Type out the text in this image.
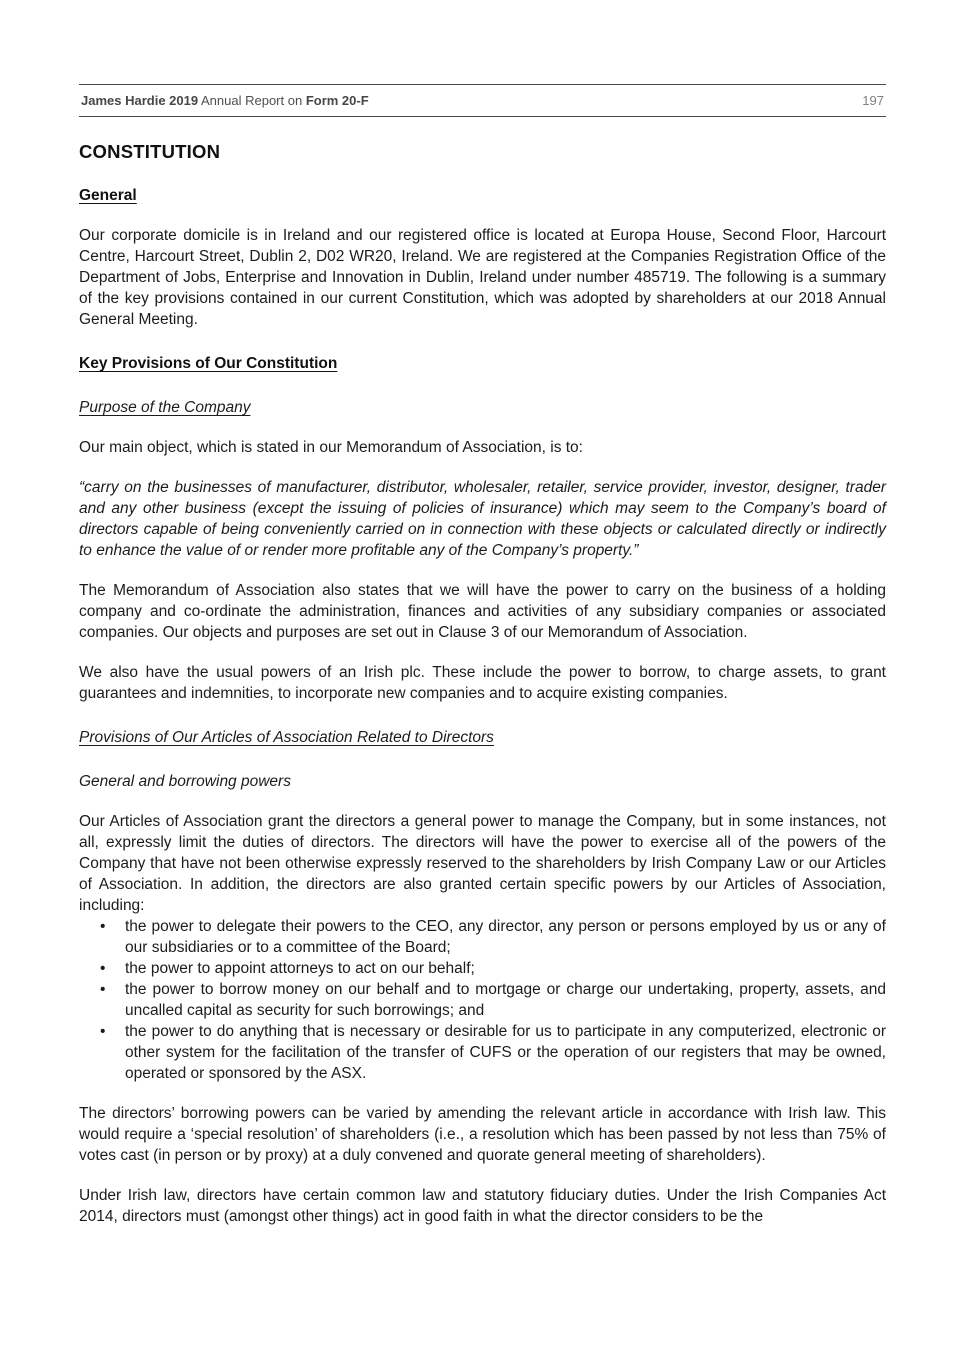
James Hardie 2019 Annual Report on Form 20-F	197
CONSTITUTION
General

Our corporate domicile is in Ireland and our registered office is located at Europa House, Second Floor, Harcourt Centre, Harcourt Street, Dublin 2, D02 WR20, Ireland. We are registered at the Companies Registration Office of the Department of Jobs, Enterprise and Innovation in Dublin, Ireland under number 485719. The following is a summary of the key provisions contained in our current Constitution, which was adopted by shareholders at our 2018 Annual General Meeting.

Key Provisions of Our Constitution
Purpose of the Company

Our main object, which is stated in our Memorandum of Association, is to:

“carry on the businesses of manufacturer, distributor, wholesaler, retailer, service provider, investor, designer, trader and any other business (except the issuing of policies of insurance) which may seem to the Company’s board of directors capable of being conveniently carried on in connection with these objects or calculated directly or indirectly to enhance the value of or render more profitable any of the Company’s property.”

The Memorandum of Association also states that we will have the power to carry on the business of a holding company and co-ordinate the administration, finances and activities of any subsidiary companies or associated companies. Our objects and purposes are set out in Clause 3 of our Memorandum of Association.

We also have the usual powers of an Irish plc. These include the power to borrow, to charge assets, to grant guarantees and indemnities, to incorporate new companies and to acquire existing companies.

Provisions of Our Articles of Association Related to Directors
General and borrowing powers

Our Articles of Association grant the directors a general power to manage the Company, but in some instances, not all, expressly limit the duties of directors. The directors will have the power to exercise all of the powers of the Company that have not been otherwise expressly reserved to the shareholders by Irish Company Law or our Articles of Association. In addition, the directors are also granted certain specific powers by our Articles of Association, including:

• the power to delegate their powers to the CEO, any director, any person or persons employed by us or any of our subsidiaries or to a committee of the Board;
• the power to appoint attorneys to act on our behalf;
• the power to borrow money on our behalf and to mortgage or charge our undertaking, property, assets, and uncalled capital as security for such borrowings; and
• the power to do anything that is necessary or desirable for us to participate in any computerized, electronic or other system for the facilitation of the transfer of CUFS or the operation of our registers that may be owned, operated or sponsored by the ASX.

The directors’ borrowing powers can be varied by amending the relevant article in accordance with Irish law. This would require a ‘special resolution’ of shareholders (i.e., a resolution which has been passed by not less than 75% of votes cast (in person or by proxy) at a duly convened and quorate general meeting of shareholders).

Under Irish law, directors have certain common law and statutory fiduciary duties. Under the Irish Companies Act 2014, directors must (amongst other things) act in good faith in what the director considers to be the
